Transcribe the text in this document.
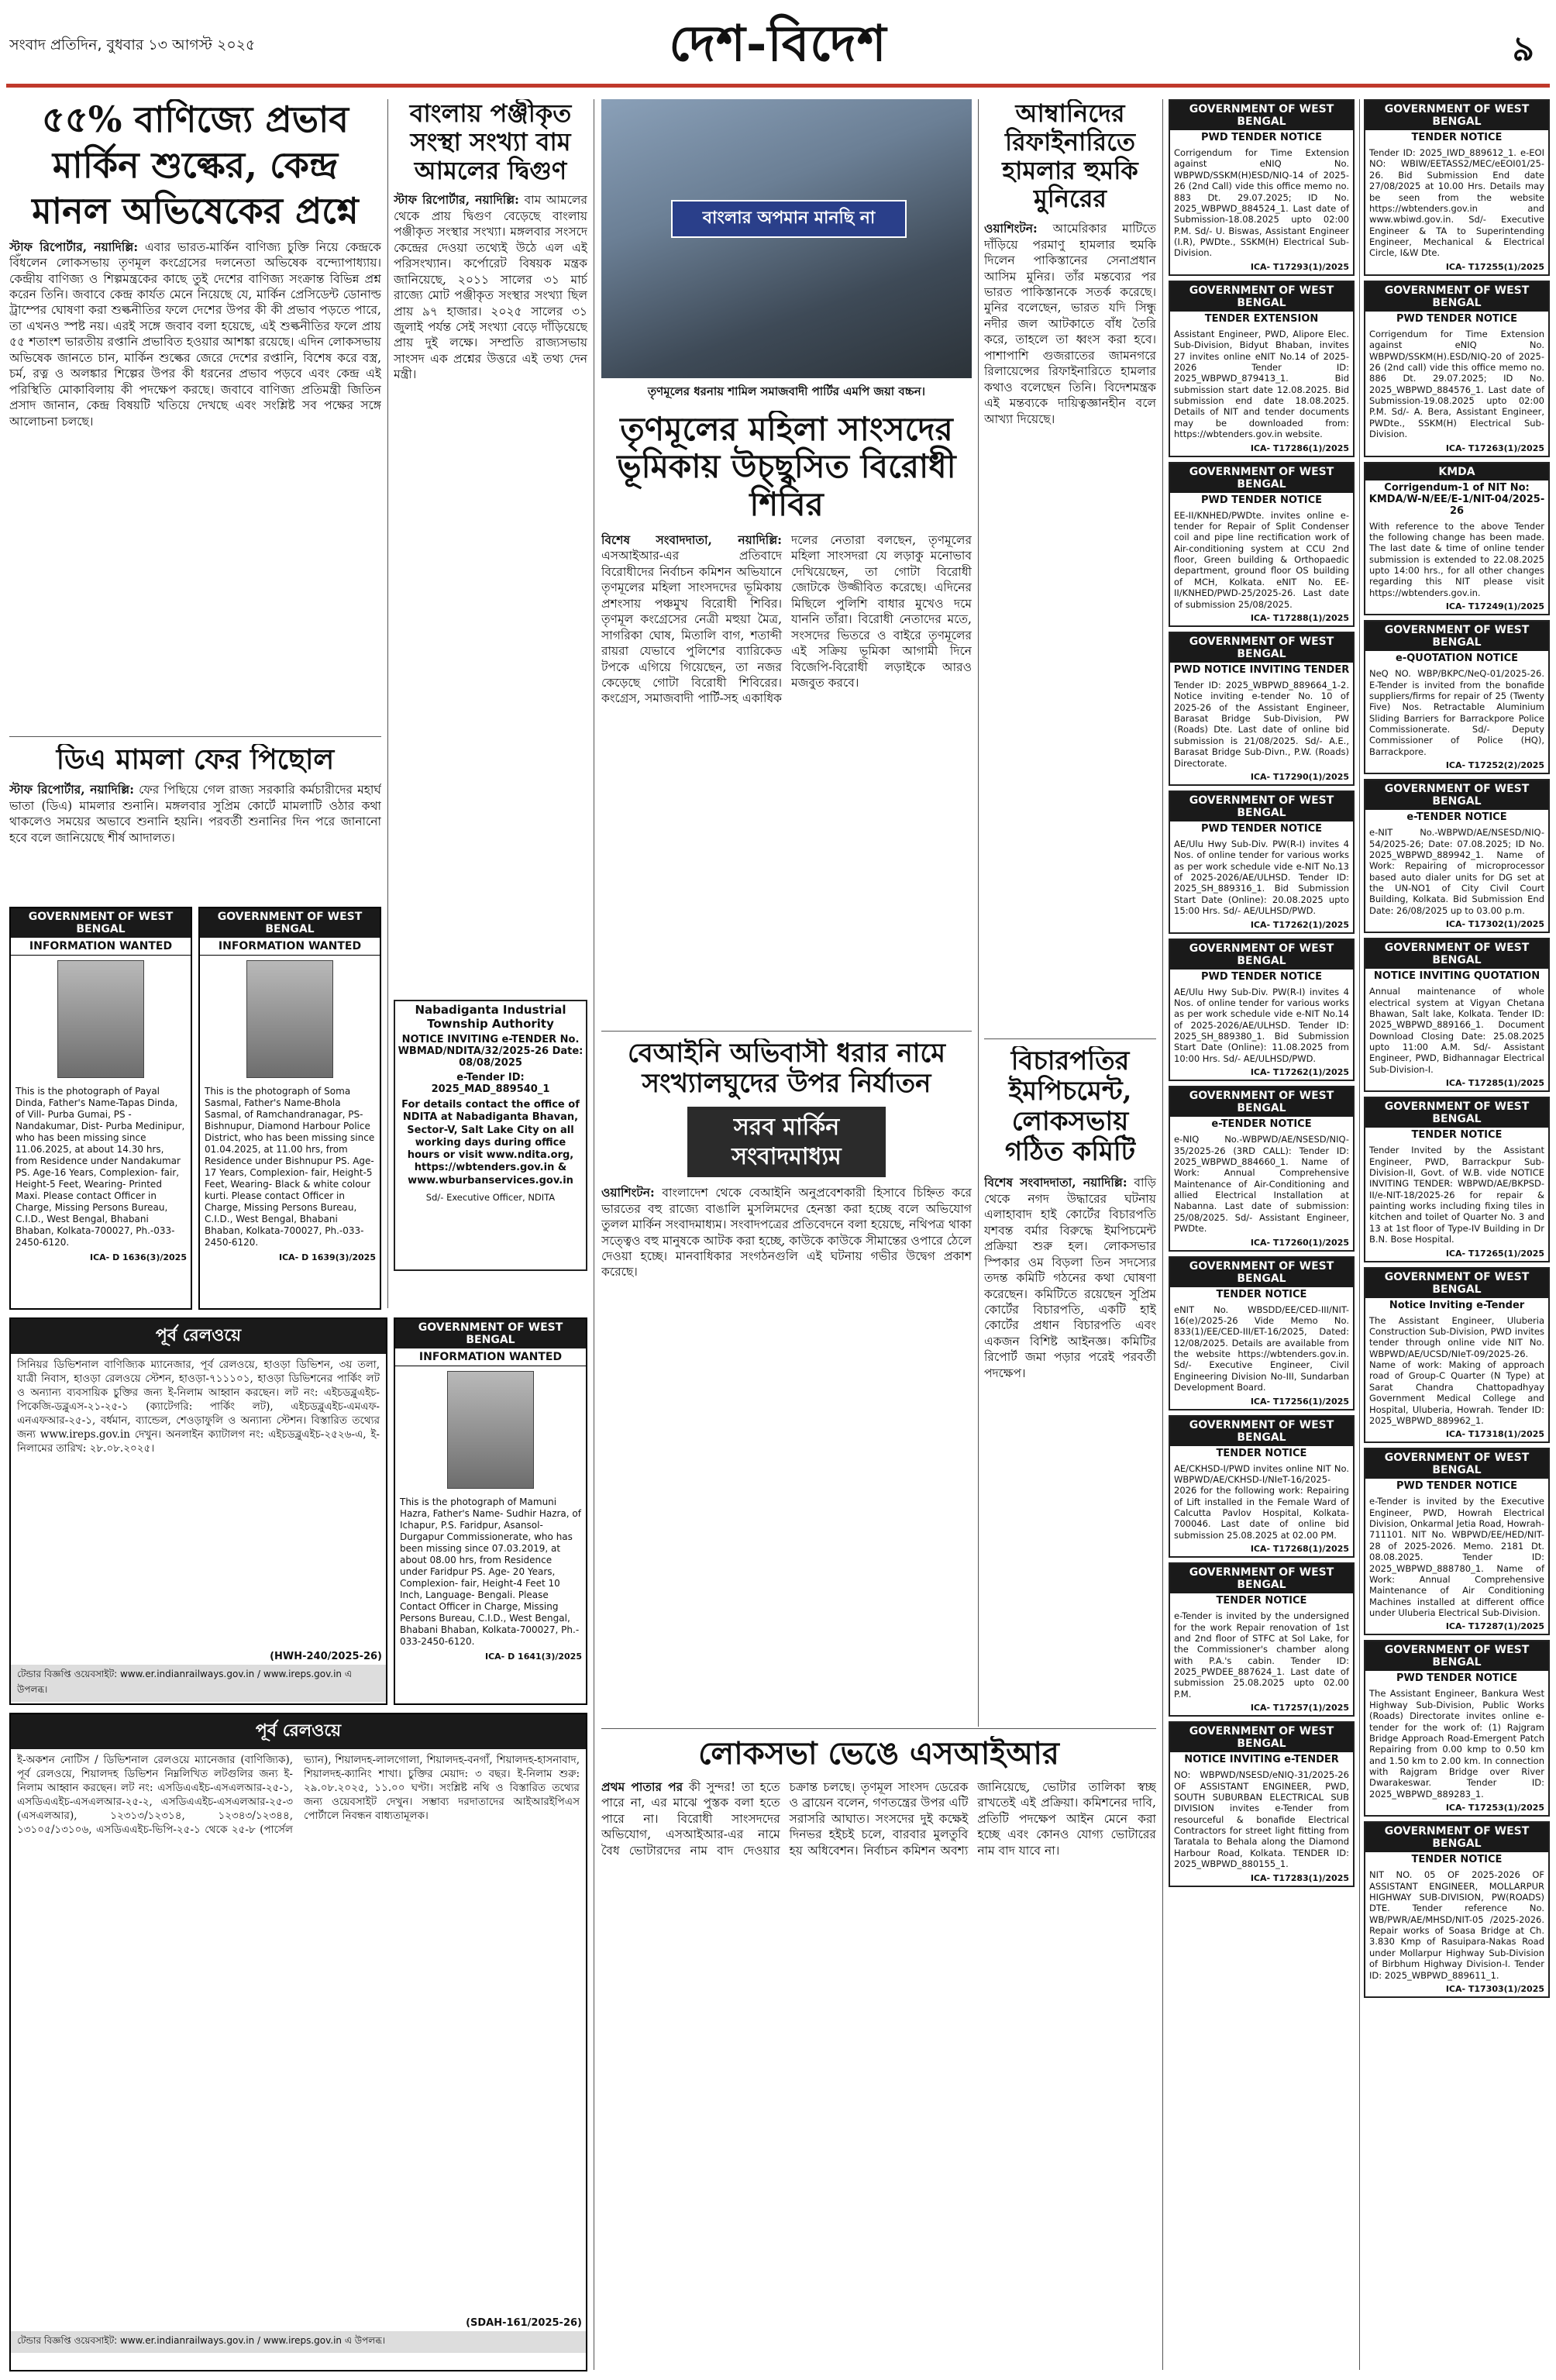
সংবাদ প্রতিদিন, বুধবার ১৩ আগস্ট ২০২৫	দেশ-বিদেশ	৯
৫৫% বাণিজ্যে প্রভাব
মার্কিন শুল্কের, কেন্দ্র
মানল অভিষেকের প্রশ্নে
স্টাফ রিপোর্টার, নয়াদিল্লি: এবার ভারত-মার্কিন বাণিজ্য চুক্তি নিয়ে কেন্দ্রকে বিঁধলেন লোকসভায় তৃণমূল কংগ্রেসের দলনেতা অভিষেক বন্দ্যোপাধ্যায়। কেন্দ্রীয় বাণিজ্য ও শিল্পমন্ত্রকের কাছে তুই দেশের বাণিজ্য সংক্রান্ত বিভিন্ন প্রশ্ন করেন তিনি। জবাবে কেন্দ্র কার্যত মেনে নিয়েছে যে, মার্কিন প্রেসিডেন্ট ডোনাল্ড ট্রাম্পের ঘোষণা করা শুল্কনীতির ফলে দেশের উপর কী কী প্রভাব পড়তে পারে, তা এখনও স্পষ্ট নয়। এরই সঙ্গে জবাব বলা হয়েছে, এই শুল্কনীতির ফলে প্রায় ৫৫ শতাংশ ভারতীয় রপ্তানি প্রভাবিত হওয়ার আশঙ্কা রয়েছে। এদিন লোকসভায় অভিষেক জানতে চান, মার্কিন শুল্কের জেরে দেশের রপ্তানি, বিশেষ করে বস্ত্র, চর্ম, রত্ন ও অলঙ্কার শিল্পের উপর কী ধরনের প্রভাব পড়বে এবং কেন্দ্র এই পরিস্থিতি মোকাবিলায় কী পদক্ষেপ করছে। জবাবে বাণিজ্য প্রতিমন্ত্রী জিতিন প্রসাদ জানান, কেন্দ্র বিষয়টি খতিয়ে দেখছে এবং সংশ্লিষ্ট সব পক্ষের সঙ্গে আলোচনা চলছে।
ডিএ মামলা ফের পিছোল
স্টাফ রিপোর্টার, নয়াদিল্লি: ফের পিছিয়ে গেল রাজ্য সরকারি কর্মচারীদের মহার্ঘ ভাতা (ডিএ) মামলার শুনানি। মঙ্গলবার সুপ্রিম কোর্টে মামলাটি ওঠার কথা থাকলেও সময়ের অভাবে শুনানি হয়নি। পরবর্তী শুনানির দিন পরে জানানো হবে বলে জানিয়েছে শীর্ষ আদালত।
GOVERNMENT OF WEST BENGAL
INFORMATION WANTED
This is the photograph of Payal Dinda, Father's Name-Tapas Dinda, of Vill- Purba Gumai, PS - Nandakumar, Dist- Purba Medinipur, who has been missing since 11.06.2025, at about 14.30 hrs, from Residence under Nandakumar PS. Age-16 Years, Complexion- fair, Height-5 Feet, Wearing- Printed Maxi. Please contact Officer in Charge, Missing Persons Bureau, C.I.D., West Bengal, Bhabani Bhaban, Kolkata-700027, Ph.-033-2450-6120.
ICA- D 1636(3)/2025
GOVERNMENT OF WEST BENGAL
INFORMATION WANTED
This is the photograph of Soma Sasmal, Father's Name-Bhola Sasmal, of Ramchandranagar, PS- Bishnupur, Diamond Harbour Police District, who has been missing since 01.04.2025, at 11.00 hrs, from Residence under Bishnupur PS. Age-17 Years, Complexion- fair, Height-5 Feet, Wearing- Black & white colour kurti. Please contact Officer in Charge, Missing Persons Bureau, C.I.D., West Bengal, Bhabani Bhaban, Kolkata-700027, Ph.-033-2450-6120.
ICA- D 1639(3)/2025
বাংলায় পঞ্জীকৃত সংস্থা সংখ্যা বাম আমলের দ্বিগুণ
স্টাফ রিপোর্টার, নয়াদিল্লি: বাম আমলের থেকে প্রায় দ্বিগুণ বেড়েছে বাংলায় পঞ্জীকৃত সংস্থার সংখ্যা। মঙ্গলবার সংসদে কেন্দ্রের দেওয়া তথ্যেই উঠে এল এই পরিসংখ্যান। কর্পোরেট বিষয়ক মন্ত্রক জানিয়েছে, ২০১১ সালের ৩১ মার্চ রাজ্যে মোট পঞ্জীকৃত সংস্থার সংখ্যা ছিল প্রায় ৯৭ হাজার। ২০২৫ সালের ৩১ জুলাই পর্যন্ত সেই সংখ্যা বেড়ে দাঁড়িয়েছে প্রায় দুই লক্ষে। সম্প্রতি রাজ্যসভায় সাংসদ এক প্রশ্নের উত্তরে এই তথ্য দেন মন্ত্রী।
Nabadiganta Industrial Township Authority
NOTICE INVITING e-TENDER No. WBMAD/NDITA/32/2025-26 Date: 08/08/2025
e-Tender ID: 2025_MAD_889540_1
For details contact the office of NDITA at Nabadiganta Bhavan, Sector-V, Salt Lake City on all working days during office hours or visit www.ndita.org, https://wbtenders.gov.in & www.wburbanservices.gov.in
Sd/- Executive Officer, NDITA
GOVERNMENT OF WEST BENGAL
INFORMATION WANTED
This is the photograph of Mamuni Hazra, Father's Name- Sudhir Hazra, of Ichapur, P.S. Faridpur, Asansol-Durgapur Commissionerate, who has been missing since 07.03.2019, at about 08.00 hrs, from Residence under Faridpur PS. Age- 20 Years, Complexion- fair, Height-4 Feet 10 Inch, Language- Bengali. Please Contact Officer in Charge, Missing Persons Bureau, C.I.D., West Bengal, Bhabani Bhaban, Kolkata-700027, Ph.- 033-2450-6120.
ICA- D 1641(3)/2025
পূর্ব রেলওয়ে
সিনিয়র ডিভিশনাল বাণিজ্যিক ম্যানেজার, পূর্ব রেলওয়ে, হাওড়া ডিভিশন, ৩য় তলা, যাত্রী নিবাস, হাওড়া রেলওয়ে স্টেশন, হাওড়া-৭১১১০১, হাওড়া ডিভিশনের পার্কিং লট ও অন্যান্য ব্যবসায়িক চুক্তির জন্য ই-নিলাম আহ্বান করছেন। লট নং: এইচডব্লুএইচ-পিকেজি-ডব্লুএস-২১-২৫-১ (ক্যাটেগরি: পার্কিং লট), এইচডব্লুএইচ-এমএফ-এনএফআর-২৫-১, বর্ধমান, ব্যান্ডেল, শেওড়াফুলি ও অন্যান্য স্টেশন। বিস্তারিত তথ্যের জন্য www.ireps.gov.in দেখুন। অনলাইন ক্যাটালগ নং: এইচডব্লুএইচ-২৫২৬-এ, ই-নিলামের তারিখ: ২৮.০৮.২০২৫।
(HWH-240/2025-26)
টেন্ডার বিজ্ঞপ্তি ওয়েবসাইট: www.er.indianrailways.gov.in / www.ireps.gov.in এ উপলব্ধ।
পূর্ব রেলওয়ে
ই-অকশন নোটিস / ডিভিশনাল রেলওয়ে ম্যানেজার (বাণিজ্যিক), পূর্ব রেলওয়ে, শিয়ালদহ ডিভিশন নিম্নলিখিত লটগুলির জন্য ই-নিলাম আহ্বান করছেন। লট নং: এসডিএএইচ-এসএলআর-২৫-১, এসডিএএইচ-এসএলআর-২৫-২, এসডিএএইচ-এসএলআর-২৫-৩ (এসএলআর), ১২৩১৩/১২৩১৪, ১২৩৪৩/১২৩৪৪, ১৩১০৫/১৩১০৬, এসডিএএইচ-ভিপি-২৫-১ থেকে ২৫-৮ (পার্সেল ভ্যান), শিয়ালদহ-লালগোলা, শিয়ালদহ-বনগাঁ, শিয়ালদহ-হাসনাবাদ, শিয়ালদহ-ক্যানিং শাখা। চুক্তির মেয়াদ: ৩ বছর। ই-নিলাম শুরু: ২৯.০৮.২০২৫, ১১.০০ ঘণ্টা। সংশ্লিষ্ট নথি ও বিস্তারিত তথ্যের জন্য ওয়েবসাইট দেখুন। সম্ভাব্য দরদাতাদের আইআরইপিএস পোর্টালে নিবন্ধন বাধ্যতামূলক।
(SDAH-161/2025-26)
টেন্ডার বিজ্ঞপ্তি ওয়েবসাইট: www.er.indianrailways.gov.in / www.ireps.gov.in এ উপলব্ধ।
বাংলার অপমান মানছি না
তৃণমূলের ধরনায় শামিল সমাজবাদী পার্টির এমপি জয়া বচ্চন।
তৃণমূলের মহিলা সাংসদের ভূমিকায় উচ্ছ্বসিত বিরোধী শিবির
বিশেষ সংবাদদাতা, নয়াদিল্লি: এসআইআর-এর প্রতিবাদে বিরোধীদের নির্বাচন কমিশন অভিযানে তৃণমূলের মহিলা সাংসদদের ভূমিকায় প্রশংসায় পঞ্চমুখ বিরোধী শিবির। তৃণমূল কংগ্রেসের নেত্রী মহুয়া মৈত্র, সাগরিকা ঘোষ, মিতালি বাগ, শতাব্দী রায়রা যেভাবে পুলিশের ব্যারিকেড টপকে এগিয়ে গিয়েছেন, তা নজর কেড়েছে গোটা বিরোধী শিবিরের। কংগ্রেস, সমাজবাদী পার্টি-সহ একাধিক দলের নেতারা বলছেন, তৃণমূলের মহিলা সাংসদরা যে লড়াকু মনোভাব দেখিয়েছেন, তা গোটা বিরোধী জোটকে উজ্জীবিত করেছে। এদিনের মিছিলে পুলিশি বাধার মুখেও দমে যাননি তাঁরা। বিরোধী নেতাদের মতে, সংসদের ভিতরে ও বাইরে তৃণমূলের এই সক্রিয় ভূমিকা আগামী দিনে বিজেপি-বিরোধী লড়াইকে আরও মজবুত করবে।
বেআইনি অভিবাসী ধরার নামে সংখ্যালঘুদের উপর নির্যাতন
সরব মার্কিন সংবাদমাধ্যম
ওয়াশিংটন: বাংলাদেশ থেকে বেআইনি অনুপ্রবেশকারী হিসাবে চিহ্নিত করে ভারতের বহু রাজ্যে বাঙালি মুসলিমদের হেনস্তা করা হচ্ছে বলে অভিযোগ তুলল মার্কিন সংবাদমাধ্যম। সংবাদপত্রের প্রতিবেদনে বলা হয়েছে, নথিপত্র থাকা সত্ত্বেও বহু মানুষকে আটক করা হচ্ছে, কাউকে কাউকে সীমান্তের ওপারে ঠেলে দেওয়া হচ্ছে। মানবাধিকার সংগঠনগুলি এই ঘটনায় গভীর উদ্বেগ প্রকাশ করেছে।
লোকসভা ভেঙে এসআইআর
প্রথম পাতার পর কী সুন্দর! তা হতে পারে না, এর মাঝে পুস্তক বলা হতে পারে না। বিরোধী সাংসদদের অভিযোগ, এসআইআর-এর নামে বৈধ ভোটারদের নাম বাদ দেওয়ার চক্রান্ত চলছে। তৃণমূল সাংসদ ডেরেক ও ব্রায়েন বলেন, গণতন্ত্রের উপর এটি সরাসরি আঘাত। সংসদের দুই কক্ষেই দিনভর হইচই চলে, বারবার মুলতুবি হয় অধিবেশন। নির্বাচন কমিশন অবশ্য জানিয়েছে, ভোটার তালিকা স্বচ্ছ রাখতেই এই প্রক্রিয়া। কমিশনের দাবি, প্রতিটি পদক্ষেপ আইন মেনে করা হচ্ছে এবং কোনও যোগ্য ভোটারের নাম বাদ যাবে না।
আম্বানিদের রিফাইনারিতে হামলার হুমকি মুনিরের
ওয়াশিংটন: আমেরিকার মাটিতে দাঁড়িয়ে পরমাণু হামলার হুমকি দিলেন পাকিস্তানের সেনাপ্রধান আসিম মুনির। তাঁর মন্তব্যের পর ভারত পাকিস্তানকে সতর্ক করেছে। মুনির বলেছেন, ভারত যদি সিন্ধু নদীর জল আটকাতে বাঁধ তৈরি করে, তাহলে তা ধ্বংস করা হবে। পাশাপাশি গুজরাতের জামনগরে রিলায়েন্সের রিফাইনারিতে হামলার কথাও বলেছেন তিনি। বিদেশমন্ত্রক এই মন্তব্যকে দায়িত্বজ্ঞানহীন বলে আখ্যা দিয়েছে।
বিচারপতির ইমপিচমেন্ট, লোকসভায় গঠিত কমিটি
বিশেষ সংবাদদাতা, নয়াদিল্লি: বাড়ি থেকে নগদ উদ্ধারের ঘটনায় এলাহাবাদ হাই কোর্টের বিচারপতি যশবন্ত বর্মার বিরুদ্ধে ইমপিচমেন্ট প্রক্রিয়া শুরু হল। লোকসভার স্পিকার ওম বিড়লা তিন সদস্যের তদন্ত কমিটি গঠনের কথা ঘোষণা করেছেন। কমিটিতে রয়েছেন সুপ্রিম কোর্টের বিচারপতি, একটি হাই কোর্টের প্রধান বিচারপতি এবং একজন বিশিষ্ট আইনজ্ঞ। কমিটির রিপোর্ট জমা পড়ার পরেই পরবর্তী পদক্ষেপ।
GOVERNMENT OF WEST BENGAL
PWD TENDER NOTICE
Corrigendum for Time Extension against eNIQ No. WBPWD/SSKM(H)ESD/NIQ-14 of 2025-26 (2nd Call) vide this office memo no. 883 Dt. 29.07.2025; ID No. 2025_WBPWD_884524_1. Last date of Submission-18.08.2025 upto 02:00 P.M. Sd/- U. Biswas, Assistant Engineer (I.R), PWDte., SSKM(H) Electrical Sub-Division.
ICA- T17293(1)/2025
GOVERNMENT OF WEST BENGAL
TENDER EXTENSION
Assistant Engineer, PWD, Alipore Elec. Sub-Division, Bidyut Bhaban, invites 27 invites online eNIT No.14 of 2025-2026 Tender ID: 2025_WBPWD_879413_1. Bid submission start date 12.08.2025. Bid submission end date 18.08.2025. Details of NIT and tender documents may be downloaded from: https://wbtenders.gov.in website.
ICA- T17286(1)/2025
GOVERNMENT OF WEST BENGAL
PWD TENDER NOTICE
EE-II/KNHED/PWDte. invites online e-tender for Repair of Split Condenser coil and pipe line rectification work of Air-conditioning system at CCU 2nd floor, Green building & Orthopaedic department, ground floor OS building of MCH, Kolkata. eNIT No. EE-II/KNHED/PWD-25/2025-26. Last date of submission 25/08/2025.
ICA- T17288(1)/2025
GOVERNMENT OF WEST BENGAL
PWD NOTICE INVITING TENDER
Tender ID: 2025_WBPWD_889664_1-2. Notice inviting e-tender No. 10 of 2025-26 of the Assistant Engineer, Barasat Bridge Sub-Division, PW (Roads) Dte. Last date of online bid submission is 21/08/2025. Sd/- A.E., Barasat Bridge Sub-Divn., P.W. (Roads) Directorate.
ICA- T17290(1)/2025
GOVERNMENT OF WEST BENGAL
PWD TENDER NOTICE
AE/Ulu Hwy Sub-Div. PW(R-I) invites 4 Nos. of online tender for various works as per work schedule vide e-NIT No.13 of 2025-2026/AE/ULHSD. Tender ID: 2025_SH_889316_1. Bid Submission Start Date (Online): 20.08.2025 upto 15:00 Hrs. Sd/- AE/ULHSD/PWD.
ICA- T17262(1)/2025
GOVERNMENT OF WEST BENGAL
PWD TENDER NOTICE
AE/Ulu Hwy Sub-Div. PW(R-I) invites 4 Nos. of online tender for various works as per work schedule vide e-NIT No.14 of 2025-2026/AE/ULHSD. Tender ID: 2025_SH_889380_1. Bid Submission Start Date (Online): 11.08.2025 from 10:00 Hrs. Sd/- AE/ULHSD/PWD.
ICA- T17262(1)/2025
GOVERNMENT OF WEST BENGAL
e-TENDER NOTICE
e-NIQ No.-WBPWD/AE/NSESD/NIQ-35/2025-26 (3RD CALL): Tender ID: 2025_WBPWD_884660_1. Name of Work: Annual Comprehensive Maintenance of Air-Conditioning and allied Electrical Installation at Nabanna. Last date of submission: 25/08/2025. Sd/- Assistant Engineer, PWDte.
ICA- T17260(1)/2025
GOVERNMENT OF WEST BENGAL
TENDER NOTICE
eNIT No. WBSDD/EE/CED-III/NIT-16(e)/2025-26 Vide Memo No. 833(1)/EE/CED-III/ET-16/2025, Dated: 12/08/2025. Details are available from the website https://wbtenders.gov.in. Sd/- Executive Engineer, Civil Engineering Division No-III, Sundarban Development Board.
ICA- T17256(1)/2025
GOVERNMENT OF WEST BENGAL
TENDER NOTICE
AE/CKHSD-I/PWD invites online NIT No. WBPWD/AE/CKHSD-I/NIeT-16/2025-2026 for the following work: Repairing of Lift installed in the Female Ward of Calcutta Pavlov Hospital, Kolkata-700046. Last date of online bid submission 25.08.2025 at 02.00 PM.
ICA- T17268(1)/2025
GOVERNMENT OF WEST BENGAL
TENDER NOTICE
e-Tender is invited by the undersigned for the work Repair renovation of 1st and 2nd floor of STFC at Sol Lake, for the Commissioner's chamber along with P.A.'s cabin. Tender ID: 2025_PWDEE_887624_1. Last date of submission 25.08.2025 upto 02.00 P.M.
ICA- T17257(1)/2025
GOVERNMENT OF WEST BENGAL
NOTICE INVITING e-TENDER
NO: WBPWD/NSESD/eNIQ-31/2025-26 OF ASSISTANT ENGINEER, PWD, SOUTH SUBURBAN ELECTRICAL SUB DIVISION invites e-Tender from resourceful & bonafide Electrical Contractors for street light fitting from Taratala to Behala along the Diamond Harbour Road, Kolkata. TENDER ID: 2025_WBPWD_880155_1.
ICA- T17283(1)/2025
GOVERNMENT OF WEST BENGAL
TENDER NOTICE
Tender ID: 2025_IWD_889612_1. e-EOI NO: WBIW/EETASS2/MEC/eEOI01/25-26. Bid Submission End date 27/08/2025 at 10.00 Hrs. Details may be seen from the website https://wbtenders.gov.in and www.wbiwd.gov.in. Sd/- Executive Engineer & TA to Superintending Engineer, Mechanical & Electrical Circle, I&W Dte.
ICA- T17255(1)/2025
GOVERNMENT OF WEST BENGAL
PWD TENDER NOTICE
Corrigendum for Time Extension against eNIQ No. WBPWD/SSKM(H).ESD/NIQ-20 of 2025-26 (2nd call) vide this office memo no. 886 Dt. 29.07.2025; ID No. 2025_WBPWD_884576_1. Last date of Submission-19.08.2025 upto 02:00 P.M. Sd/- A. Bera, Assistant Engineer, PWDte., SSKM(H) Electrical Sub-Division.
ICA- T17263(1)/2025
KMDA
Corrigendum-1 of NIT No: KMDA/W-N/EE/E-1/NIT-04/2025-26
With reference to the above Tender the following change has been made. The last date & time of online tender submission is extended to 22.08.2025 upto 14:00 hrs., for all other changes regarding this NIT please visit https://wbtenders.gov.in.
ICA- T17249(1)/2025
GOVERNMENT OF WEST BENGAL
e-QUOTATION NOTICE
NeQ NO. WBP/BKPC/NeQ-01/2025-26. E-Tender is invited from the bonafide suppliers/firms for repair of 25 (Twenty Five) Nos. Retractable Aluminium Sliding Barriers for Barrackpore Police Commissionerate. Sd/- Deputy Commissioner of Police (HQ), Barrackpore.
ICA- T17252(2)/2025
GOVERNMENT OF WEST BENGAL
e-TENDER NOTICE
e-NIT No.-WBPWD/AE/NSESD/NIQ-54/2025-26; Date: 07.08.2025; ID No. 2025_WBPWD_889942_1. Name of Work: Repairing of microprocessor based auto dialer units for DG set at the UN-NO1 of City Civil Court Building, Kolkata. Bid Submission End Date: 26/08/2025 up to 03.00 p.m.
ICA- T17302(1)/2025
GOVERNMENT OF WEST BENGAL
NOTICE INVITING QUOTATION
Annual maintenance of whole electrical system at Vigyan Chetana Bhawan, Salt lake, Kolkata. Tender ID: 2025_WBPWD_889166_1. Document Download Closing Date: 25.08.2025 upto 11:00 A.M. Sd/- Assistant Engineer, PWD, Bidhannagar Electrical Sub-Division-I.
ICA- T17285(1)/2025
GOVERNMENT OF WEST BENGAL
TENDER NOTICE
Tender Invited by the Assistant Engineer, PWD, Barrackpur Sub-Division-II, Govt. of W.B. vide NOTICE INVITING TENDER: WBPWD/AE/BKPSD-II/e-NIT-18/2025-26 for repair & painting works including fixing tiles in kitchen and toilet of Quarter No. 3 and 13 at 1st floor of Type-IV Building in Dr B.N. Bose Hospital.
ICA- T17265(1)/2025
GOVERNMENT OF WEST BENGAL
Notice Inviting e-Tender
The Assistant Engineer, Uluberia Construction Sub-Division, PWD invites tender through online vide NIT No. WBPWD/AE/UCSD/NIeT-09/2025-26. Name of work: Making of approach road of Group-C Quarter (N Type) at Sarat Chandra Chattopadhyay Government Medical College and Hospital, Uluberia, Howrah. Tender ID: 2025_WBPWD_889962_1.
ICA- T17318(1)/2025
GOVERNMENT OF WEST BENGAL
PWD TENDER NOTICE
e-Tender is invited by the Executive Engineer, PWD, Howrah Electrical Division, Onkarmal Jetia Road, Howrah-711101. NIT No. WBPWD/EE/HED/NIT-28 of 2025-2026. Memo. 2181 Dt. 08.08.2025. Tender ID: 2025_WBPWD_888780_1. Name of Work: Annual Comprehensive Maintenance of Air Conditioning Machines installed at different office under Uluberia Electrical Sub-Division.
ICA- T17287(1)/2025
GOVERNMENT OF WEST BENGAL
PWD TENDER NOTICE
The Assistant Engineer, Bankura West Highway Sub-Division, Public Works (Roads) Directorate invites online e-tender for the work of: (1) Rajgram Bridge Approach Road-Emergent Patch Repairing from 0.00 kmp to 0.50 km and 1.50 km to 2.00 km. In connection with Rajgram Bridge over River Dwarakeswar. Tender ID: 2025_WBPWD_889283_1.
ICA- T17253(1)/2025
GOVERNMENT OF WEST BENGAL
TENDER NOTICE
NIT NO. 05 OF 2025-2026 OF ASSISTANT ENGINEER, MOLLARPUR HIGHWAY SUB-DIVISION, PW(ROADS) DTE. Tender reference No. WB/PWR/AE/MHSD/NIT-05 /2025-2026. Repair works of Soasa Bridge at Ch. 3.830 Kmp of Rasuipara-Nakas Road under Mollarpur Highway Sub-Division of Birbhum Highway Division-I. Tender ID: 2025_WBPWD_889611_1.
ICA- T17303(1)/2025
